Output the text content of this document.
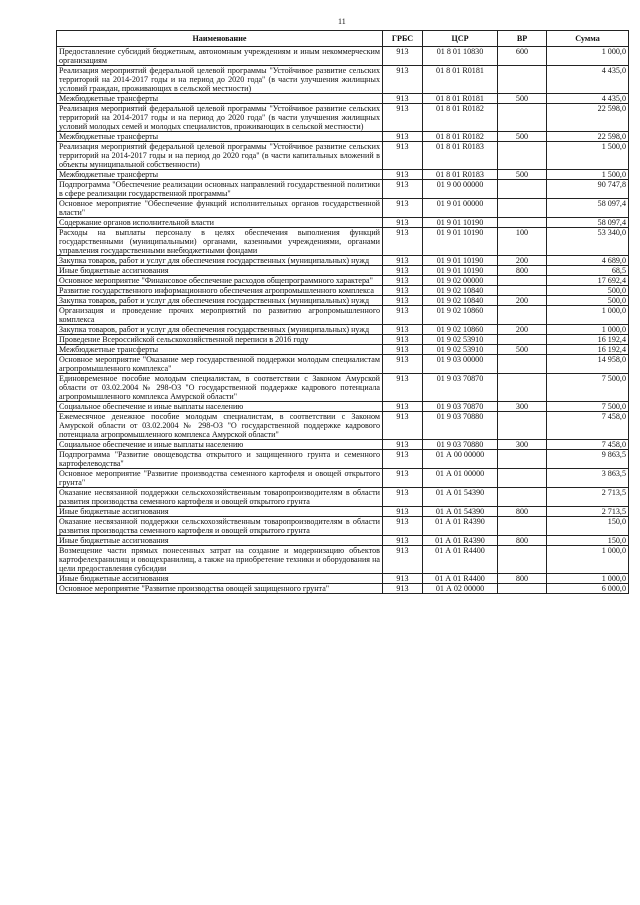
11
Наименование	ГРБС	ЦСР	ВР	Сумма
Предоставление субсидий бюджетным, автономным учреждениям и иным некоммерческим организациям	913	01 8 01 10830	600	1 000,0
Реализация мероприятий федеральной целевой программы "Устойчивое развитие сельских территорий на 2014-2017 годы и на период до 2020 года" (в части улучшения жилищных условий граждан, проживающих в сельской местности)	913	01 8 01 R0181		4 435,0
Межбюджетные трансферты	913	01 8 01 R0181	500	4 435,0
Реализация мероприятий федеральной целевой программы "Устойчивое развитие сельских территорий на 2014-2017 годы и на период до 2020 года" (в части улучшения жилищных условий молодых семей и молодых специалистов, проживающих в сельской местности)	913	01 8 01 R0182		22 598,0
Межбюджетные трансферты	913	01 8 01 R0182	500	22 598,0
Реализация мероприятий федеральной целевой программы "Устойчивое развитие сельских территорий на 2014-2017 годы и на период до 2020 года" (в части капитальных вложений в объекты муниципальной собственности)	913	01 8 01 R0183		1 500,0
Межбюджетные трансферты	913	01 8 01 R0183	500	1 500,0
Подпрограмма "Обеспечение реализации основных направлений государственной политики в сфере реализации государственной программы"	913	01 9 00 00000		90 747,8
Основное мероприятие "Обеспечение функций исполнительных органов государственной власти"	913	01 9 01 00000		58 097,4
Содержание органов исполнительной власти	913	01 9 01 10190		58 097,4
Расходы на выплаты персоналу в целях обеспечения выполнения функций государственными (муниципальными) органами, казенными учреждениями, органами управления государственными внебюджетными фондами	913	01 9 01 10190	100	53 340,0
Закупка товаров, работ и услуг для обеспечения государственных (муниципальных) нужд	913	01 9 01 10190	200	4 689,0
Иные бюджетные ассигнования	913	01 9 01 10190	800	68,5
Основное мероприятие "Финансовое обеспечение расходов общепрограммного характера"	913	01 9 02 00000		17 692,4
Развитие государственного информационного обеспечения агропромышленного комплекса	913	01 9 02 10840		500,0
Закупка товаров, работ и услуг для обеспечения государственных (муниципальных) нужд	913	01 9 02 10840	200	500,0
Организация и проведение прочих мероприятий по развитию агропромышленного комплекса	913	01 9 02 10860		1 000,0
Закупка товаров, работ и услуг для обеспечения государственных (муниципальных) нужд	913	01 9 02 10860	200	1 000,0
Проведение Всероссийской сельскохозяйственной переписи в 2016 году	913	01 9 02 53910		16 192,4
Межбюджетные трансферты	913	01 9 02 53910	500	16 192,4
Основное мероприятие "Оказание мер государственной поддержки молодым специалистам агропромышленного комплекса"	913	01 9 03 00000		14 958,0
Единовременное пособие молодым специалистам, в соответствии с Законом Амурской области от 03.02.2004 № 298-ОЗ "О государственной поддержке кадрового потенциала агропромышленного комплекса Амурской области"	913	01 9 03 70870		7 500,0
Социальное обеспечение и иные выплаты населению	913	01 9 03 70870	300	7 500,0
Ежемесячное денежное пособие молодым специалистам, в соответствии с Законом Амурской области от 03.02.2004 № 298-ОЗ "О государственной поддержке кадрового потенциала агропромышленного комплекса Амурской области"	913	01 9 03 70880		7 458,0
Социальное обеспечение и иные выплаты населению	913	01 9 03 70880	300	7 458,0
Подпрограмма "Развитие овощеводства открытого и защищенного грунта и семенного картофелеводства"	913	01 А 00 00000		9 863,5
Основное мероприятие "Развитие производства семенного картофеля и овощей открытого грунта"	913	01 А 01 00000		3 863,5
Оказание несвязанной поддержки сельскохозяйственным товаропроизводителям в области развития производства семенного картофеля и овощей открытого грунта	913	01 А 01 54390		2 713,5
Иные бюджетные ассигнования	913	01 А 01 54390	800	2 713,5
Оказание несвязанной поддержки сельскохозяйственным товаропроизводителям в области развития производства семенного картофеля и овощей открытого грунта	913	01 А 01 R4390		150,0
Иные бюджетные ассигнования	913	01 А 01 R4390	800	150,0
Возмещение части прямых понесенных затрат на создание и модернизацию объектов картофелехранилищ и овощехранилищ, а также на приобретение техники и оборудования на цели предоставления субсидии	913	01 А 01 R4400		1 000,0
Иные бюджетные ассигнования	913	01 А 01 R4400	800	1 000,0
Основное мероприятие "Развитие производства овощей защищенного грунта"	913	01 А 02 00000		6 000,0
